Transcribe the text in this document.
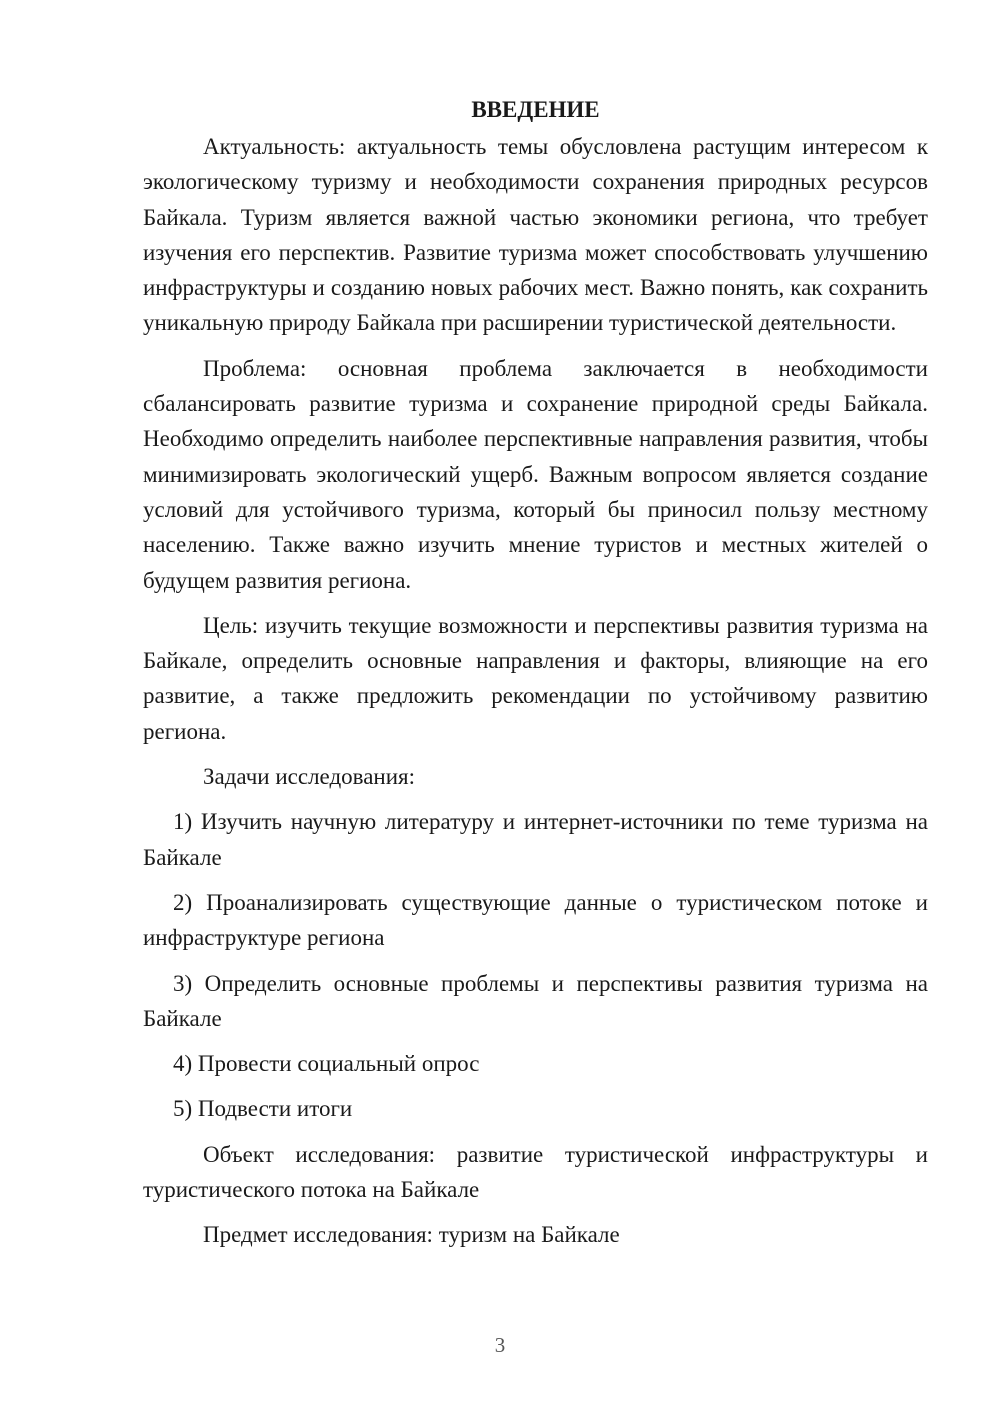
ВВЕДЕНИЕ

Актуальность: актуальность темы обусловлена растущим интересом к экологическому туризму и необходимости сохранения природных ресурсов Байкала. Туризм является важной частью экономики региона, что требует изучения его перспектив. Развитие туризма может способствовать улучшению инфраструктуры и созданию новых рабочих мест. Важно понять, как сохранить уникальную природу Байкала при расширении туристической деятельности.

Проблема: основная проблема заключается в необходимости сбалансировать развитие туризма и сохранение природной среды Байкала. Необходимо определить наиболее перспективные направления развития, чтобы минимизировать экологический ущерб. Важным вопросом является создание условий для устойчивого туризма, который бы приносил пользу местному населению. Также важно изучить мнение туристов и местных жителей о будущем развития региона.

Цель: изучить текущие возможности и перспективы развития туризма на Байкале, определить основные направления и факторы, влияющие на его развитие, а также предложить рекомендации по устойчивому развитию региона.

Задачи исследования:

1) Изучить научную литературу и интернет-источники по теме туризма на Байкале

2) Проанализировать существующие данные о туристическом потоке и инфраструктуре региона

3) Определить основные проблемы и перспективы развития туризма на Байкале

4) Провести социальный опрос

5) Подвести итоги

Объект исследования: развитие туристической инфраструктуры и туристического потока на Байкале

Предмет исследования: туризм на Байкале

3
